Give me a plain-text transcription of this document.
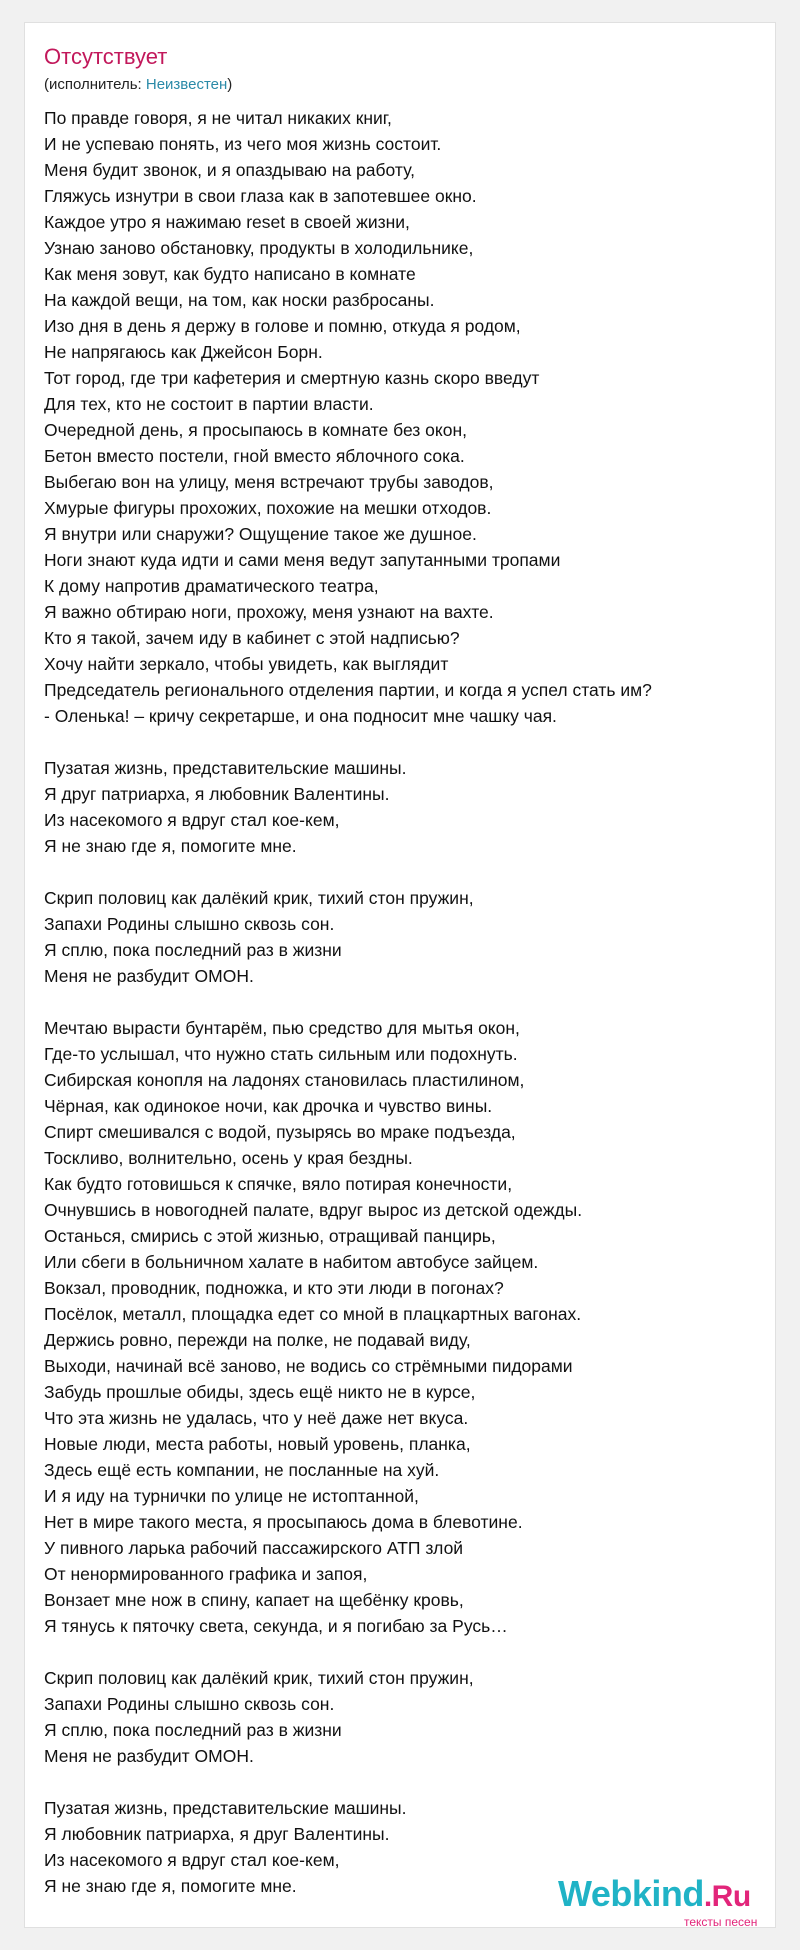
Отсутствует
(исполнитель: Неизвестен)
По правде говоря, я не читал никаких книг,
И не успеваю понять, из чего моя жизнь состоит.
Меня будит звонок, и я опаздываю на работу,
Гляжусь изнутри в свои глаза как в запотевшее окно.
Каждое утро я нажимаю reset в своей жизни,
Узнаю заново обстановку, продукты в холодильнике,
Как меня зовут, как будто написано в комнате
На каждой вещи, на том, как носки разбросаны.
Изо дня в день я держу в голове и помню, откуда я родом,
Не напрягаюсь как Джейсон Борн.
Тот город, где три кафетерия и смертную казнь скоро введут
Для тех, кто не состоит в партии власти.
Очередной день, я просыпаюсь в комнате без окон,
Бетон вместо постели, гной вместо яблочного сока.
Выбегаю вон на улицу, меня встречают трубы заводов,
Хмурые фигуры прохожих, похожие на мешки отходов.
Я внутри или снаружи? Ощущение такое же душное.
Ноги знают куда идти и сами меня ведут запутанными тропами
К дому напротив драматического театра,
Я важно обтираю ноги, прохожу, меня узнают на вахте.
Кто я такой, зачем иду в кабинет с этой надписью?
Хочу найти зеркало, чтобы увидеть, как выглядит
Председатель регионального отделения партии, и когда я успел стать им?
- Оленька! – кричу секретарше, и она подносит мне чашку чая.
Пузатая жизнь, представительские машины.
Я друг патриарха, я любовник Валентины.
Из насекомого я вдруг стал кое-кем,
Я не знаю где я, помогите мне.
Скрип половиц как далёкий крик, тихий стон пружин,
Запахи Родины слышно сквозь сон.
Я сплю, пока последний раз в жизни
Меня не разбудит ОМОН.
Мечтаю вырасти бунтарём, пью средство для мытья окон,
Где-то услышал, что нужно стать сильным или подохнуть.
Сибирская конопля на ладонях становилась пластилином,
Чёрная, как одинокое ночи, как дрочка и чувство вины.
Спирт смешивался с водой, пузырясь во мраке подъезда,
Тоскливо, волнительно, осень у края бездны.
Как будто готовишься к спячке, вяло потирая конечности,
Очнувшись в новогодней палате, вдруг вырос из детской одежды.
Останься, смирись с этой жизнью, отращивай панцирь,
Или сбеги в больничном халате в набитом автобусе зайцем.
Вокзал, проводник, подножка, и кто эти люди в погонах?
Посёлок, металл, площадка едет со мной в плацкартных вагонах.
Держись ровно, пережди на полке, не подавай виду,
Выходи, начинай всё заново, не водись со стрёмными пидорами
Забудь прошлые обиды, здесь ещё никто не в курсе,
Что эта жизнь не удалась, что у неё даже нет вкуса.
Новые люди, места работы, новый уровень, планка,
Здесь ещё есть компании, не посланные на хуй.
И я иду на турнички по улице не истоптанной,
Нет в мире такого места, я просыпаюсь дома в блевотине.
У пивного ларька рабочий пассажирского АТП злой
От ненормированного графика и запоя,
Вонзает мне нож в спину, капает на щебёнку кровь,
Я тянусь к пяточку света, секунда, и я погибаю за Русь…
Скрип половиц как далёкий крик, тихий стон пружин,
Запахи Родины слышно сквозь сон.
Я сплю, пока последний раз в жизни
Меня не разбудит ОМОН.
Пузатая жизнь, представительские машины.
Я любовник патриарха, я друг Валентины.
Из насекомого я вдруг стал кое-кем,
Я не знаю где я, помогите мне.	Webkind.Ru
тексты песен
